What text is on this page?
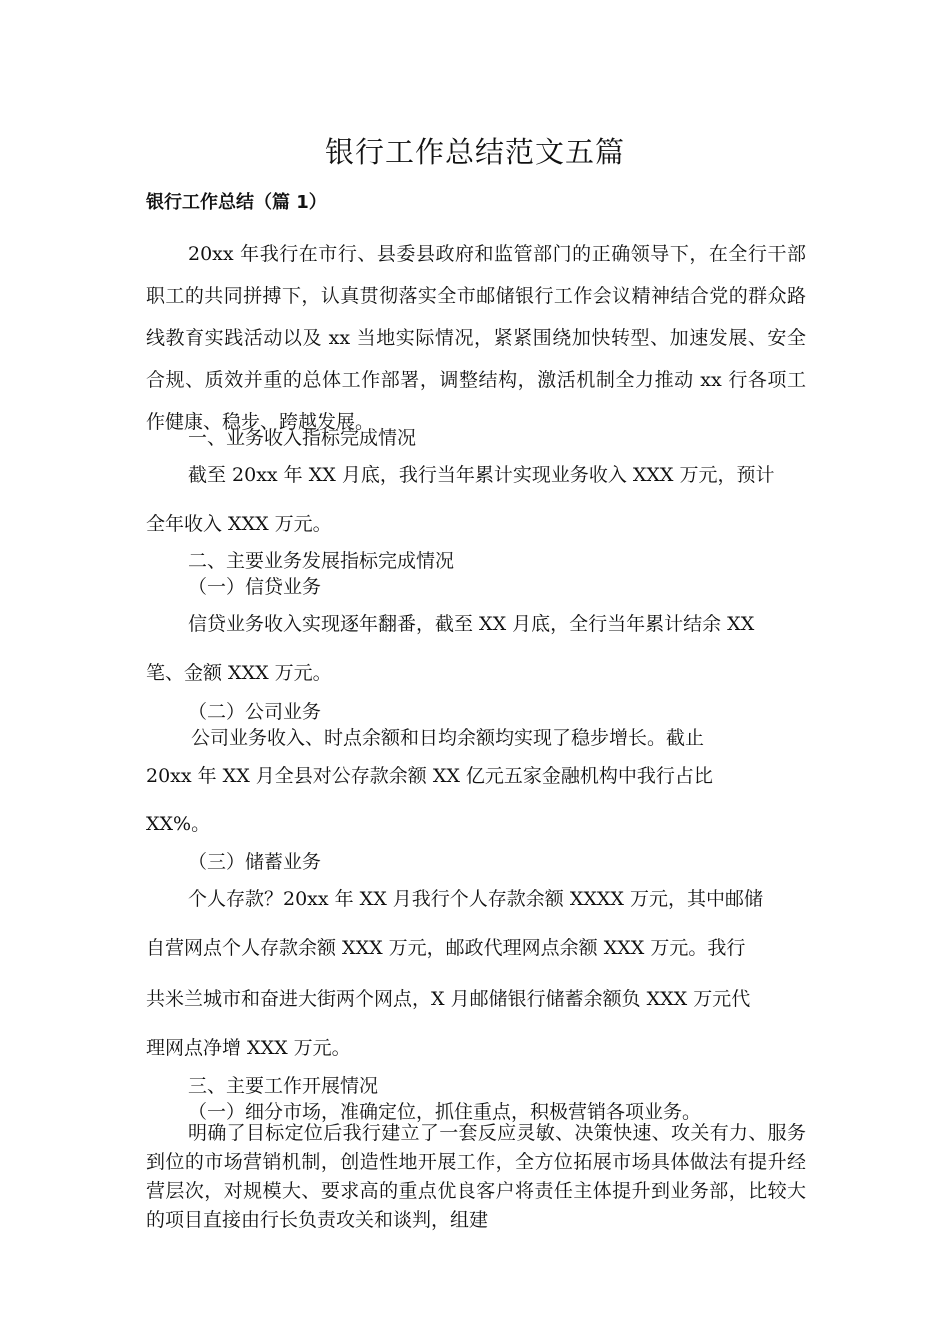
银行工作总结范文五篇
银行工作总结（篇 1）
20xx 年我行在市行、县委县政府和监管部门的正确领导下，在全行干部职工的共同拼搏下，认真贯彻落实全市邮储银行工作会议精神结合党的群众路线教育实践活动以及 xx 当地实际情况，紧紧围绕加快转型、加速发展、安全合规、质效并重的总体工作部署，调整结构，激活机制全力推动 xx 行各项工作健康、稳步、跨越发展。
一、业务收入指标完成情况
截至 20xx 年 XX 月底，我行当年累计实现业务收入 XXX 万元，预计
全年收入 XXX 万元。
二、主要业务发展指标完成情况
（一）信贷业务
信贷业务收入实现逐年翻番，截至 XX 月底，全行当年累计结余 XX
笔、金额 XXX 万元。
（二）公司业务
公司业务收入、时点余额和日均余额均实现了稳步增长。截止
20xx 年 XX 月全县对公存款余额 XX 亿元五家金融机构中我行占比
XX%。
（三）储蓄业务
个人存款？20xx 年 XX 月我行个人存款余额 XXXX 万元，其中邮储
自营网点个人存款余额 XXX 万元，邮政代理网点余额 XXX 万元。我行
共米兰城市和奋进大街两个网点，X 月邮储银行储蓄余额负 XXX 万元代
理网点净增 XXX 万元。
三、主要工作开展情况
（一）细分市场，准确定位，抓住重点，积极营销各项业务。
明确了目标定位后我行建立了一套反应灵敏、决策快速、攻关有力、服务到位的市场营销机制，创造性地开展工作，全方位拓展市场具体做法有提升经营层次，对规模大、要求高的重点优良客户将责任主体提升到业务部，比较大的项目直接由行长负责攻关和谈判，组建
